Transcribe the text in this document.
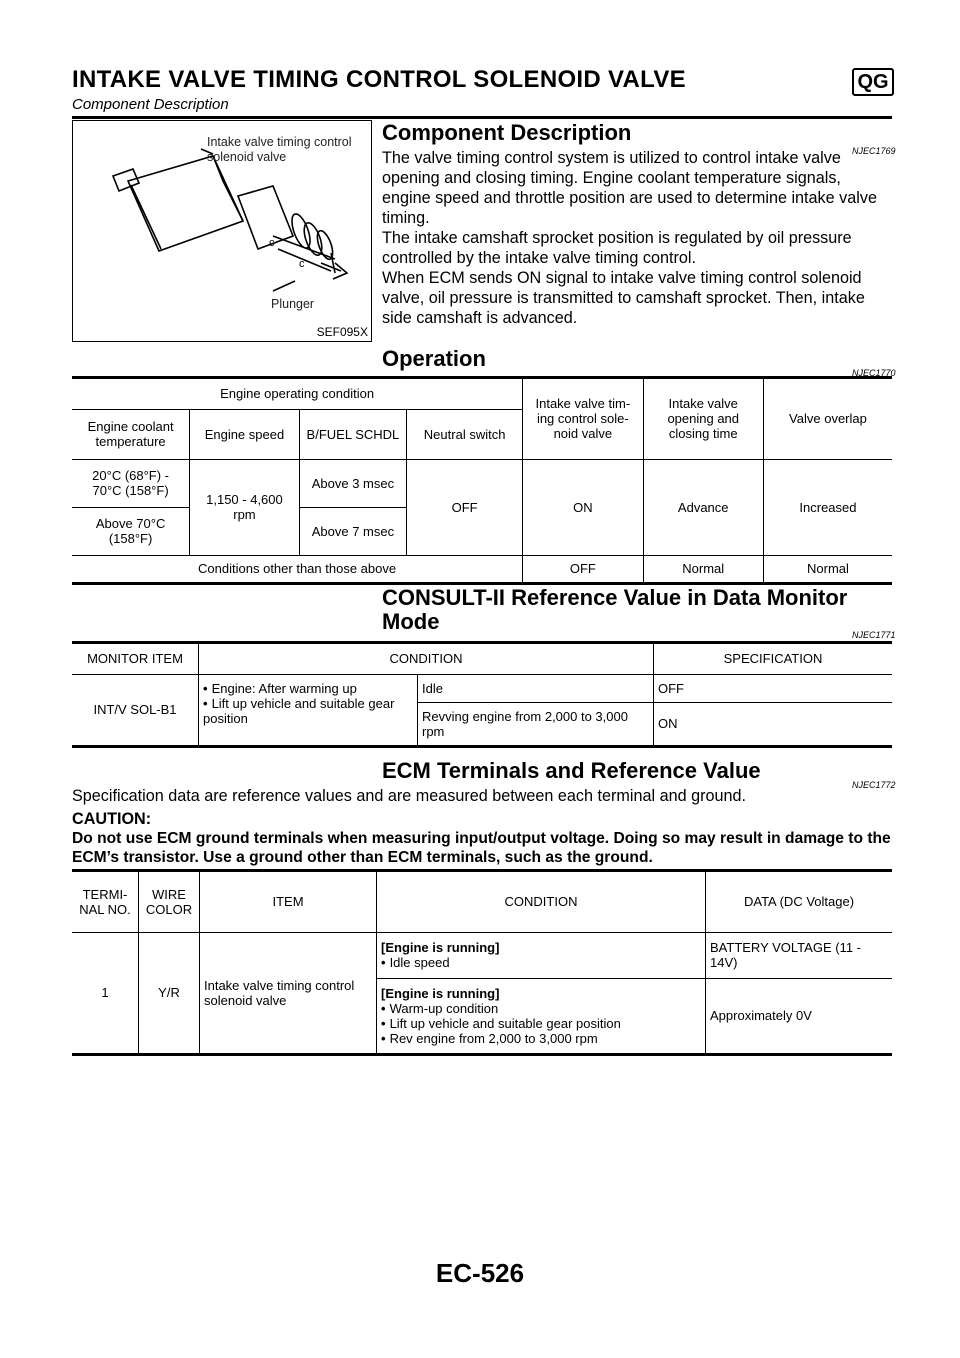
INTAKE VALVE TIMING CONTROL SOLENOID VALVE	QG
Component Description
c
c
Intake valve timing control solenoid valve
Plunger
SEF095X
Component Description
NJEC1769
The valve timing control system is utilized to control intake valve opening and closing timing. Engine coolant temperature signals, engine speed and throttle position are used to determine intake valve timing.
The intake camshaft sprocket position is regulated by oil pressure controlled by the intake valve timing control.
When ECM sends ON signal to intake valve timing control solenoid valve, oil pressure is transmitted to camshaft sprocket. Then, intake side camshaft is advanced.
Operation
NJEC1770
Engine operating condition				Intake valve tim-ing control sole-noid valve	Intake valve opening and closing time	Valve overlap
Engine coolant temperature	Engine speed	B/FUEL SCHDL	Neutral switch			
20°C (68°F) - 70°C (158°F)	1,150 - 4,600 rpm	Above 3 msec	OFF	ON	Advance	Increased
Above 70°C (158°F)		Above 7 msec				
Conditions other than those above				OFF	Normal	Normal
CONSULT-II Reference Value in Data Monitor
Mode
NJEC1771
MONITOR ITEM	CONDITION		SPECIFICATION
INT/V SOL-B1	• Engine: After warming up
• Lift up vehicle and suitable gear position	Idle	OFF
		Revving engine from 2,000 to 3,000 rpm	ON
ECM Terminals and Reference Value
NJEC1772
Specification data are reference values and are measured between each terminal and ground.
CAUTION:
Do not use ECM ground terminals when measuring input/output voltage. Doing so may result in damage to the ECM’s transistor. Use a ground other than ECM terminals, such as the ground.
TERMI-NAL NO.	WIRE COLOR	ITEM	CONDITION	DATA (DC Voltage)
1	Y/R	Intake valve timing control solenoid valve	[Engine is running]
• Idle speed	BATTERY VOLTAGE (11 - 14V)

			[Engine is running]
• Warm-up condition
• Lift up vehicle and suitable gear position
• Rev engine from 2,000 to 3,000 rpm	Approximately 0V
EC-526
